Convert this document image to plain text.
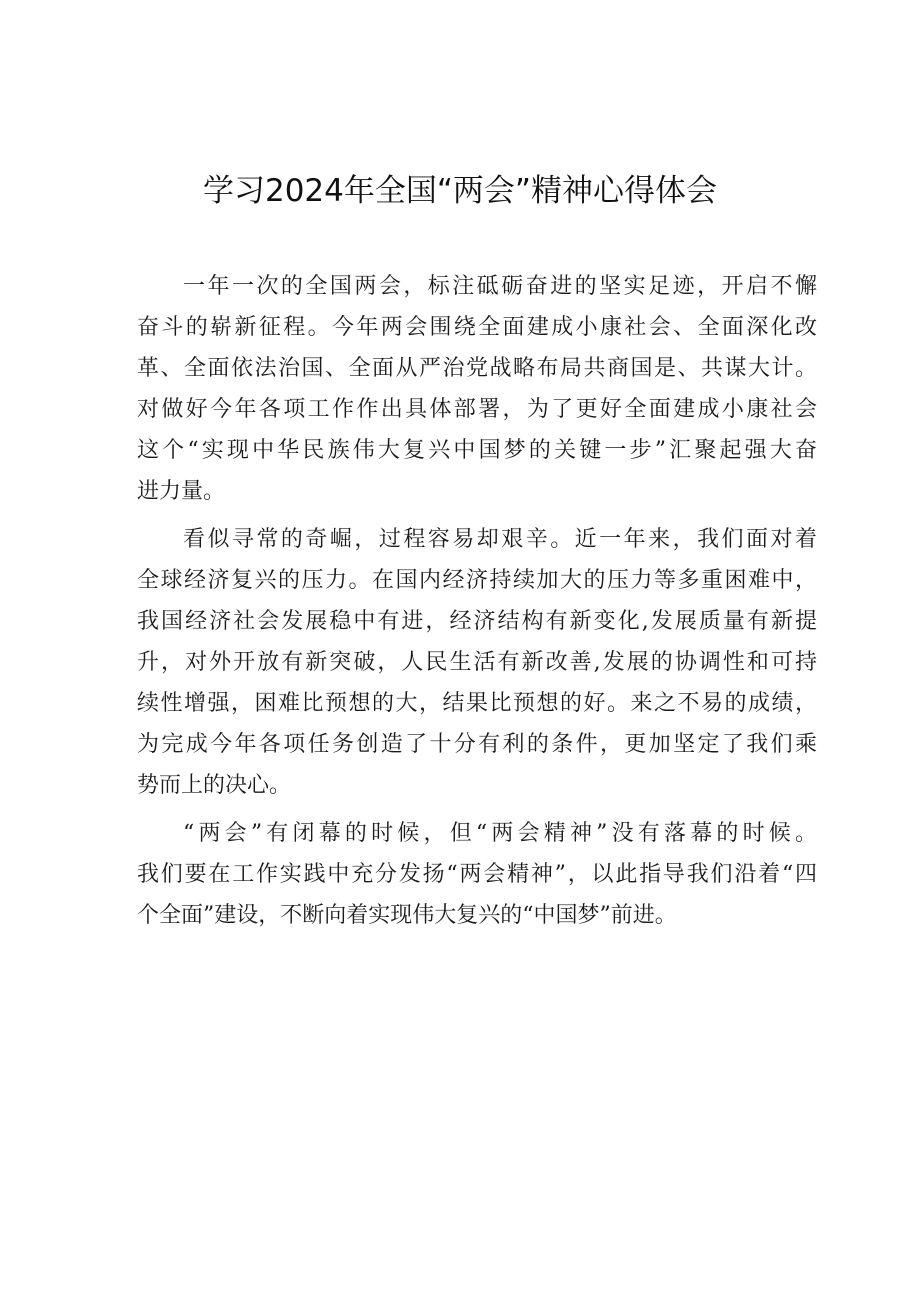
学习2024年全国“两会”精神心得体会
一年一次的全国两会，标注砥砺奋进的坚实足迹，开启不懈
奋斗的崭新征程。今年两会围绕全面建成小康社会、全面深化改
革、全面依法治国、全面从严治党战略布局共商国是、共谋大计。
对做好今年各项工作作出具体部署，为了更好全面建成小康社会
这个“实现中华民族伟大复兴中国梦的关键一步”汇聚起强大奋
进力量。
看似寻常的奇崛，过程容易却艰辛。近一年来，我们面对着
全球经济复兴的压力。在国内经济持续加大的压力等多重困难中，
我国经济社会发展稳中有进，经济结构有新变化,发展质量有新提
升，对外开放有新突破，人民生活有新改善,发展的协调性和可持
续性增强，困难比预想的大，结果比预想的好。来之不易的成绩，
为完成今年各项任务创造了十分有利的条件，更加坚定了我们乘
势而上的决心。
“两会”有闭幕的时候，但“两会精神”没有落幕的时候。
我们要在工作实践中充分发扬“两会精神”，以此指导我们沿着“四
个全面”建设，不断向着实现伟大复兴的“中国梦”前进。
